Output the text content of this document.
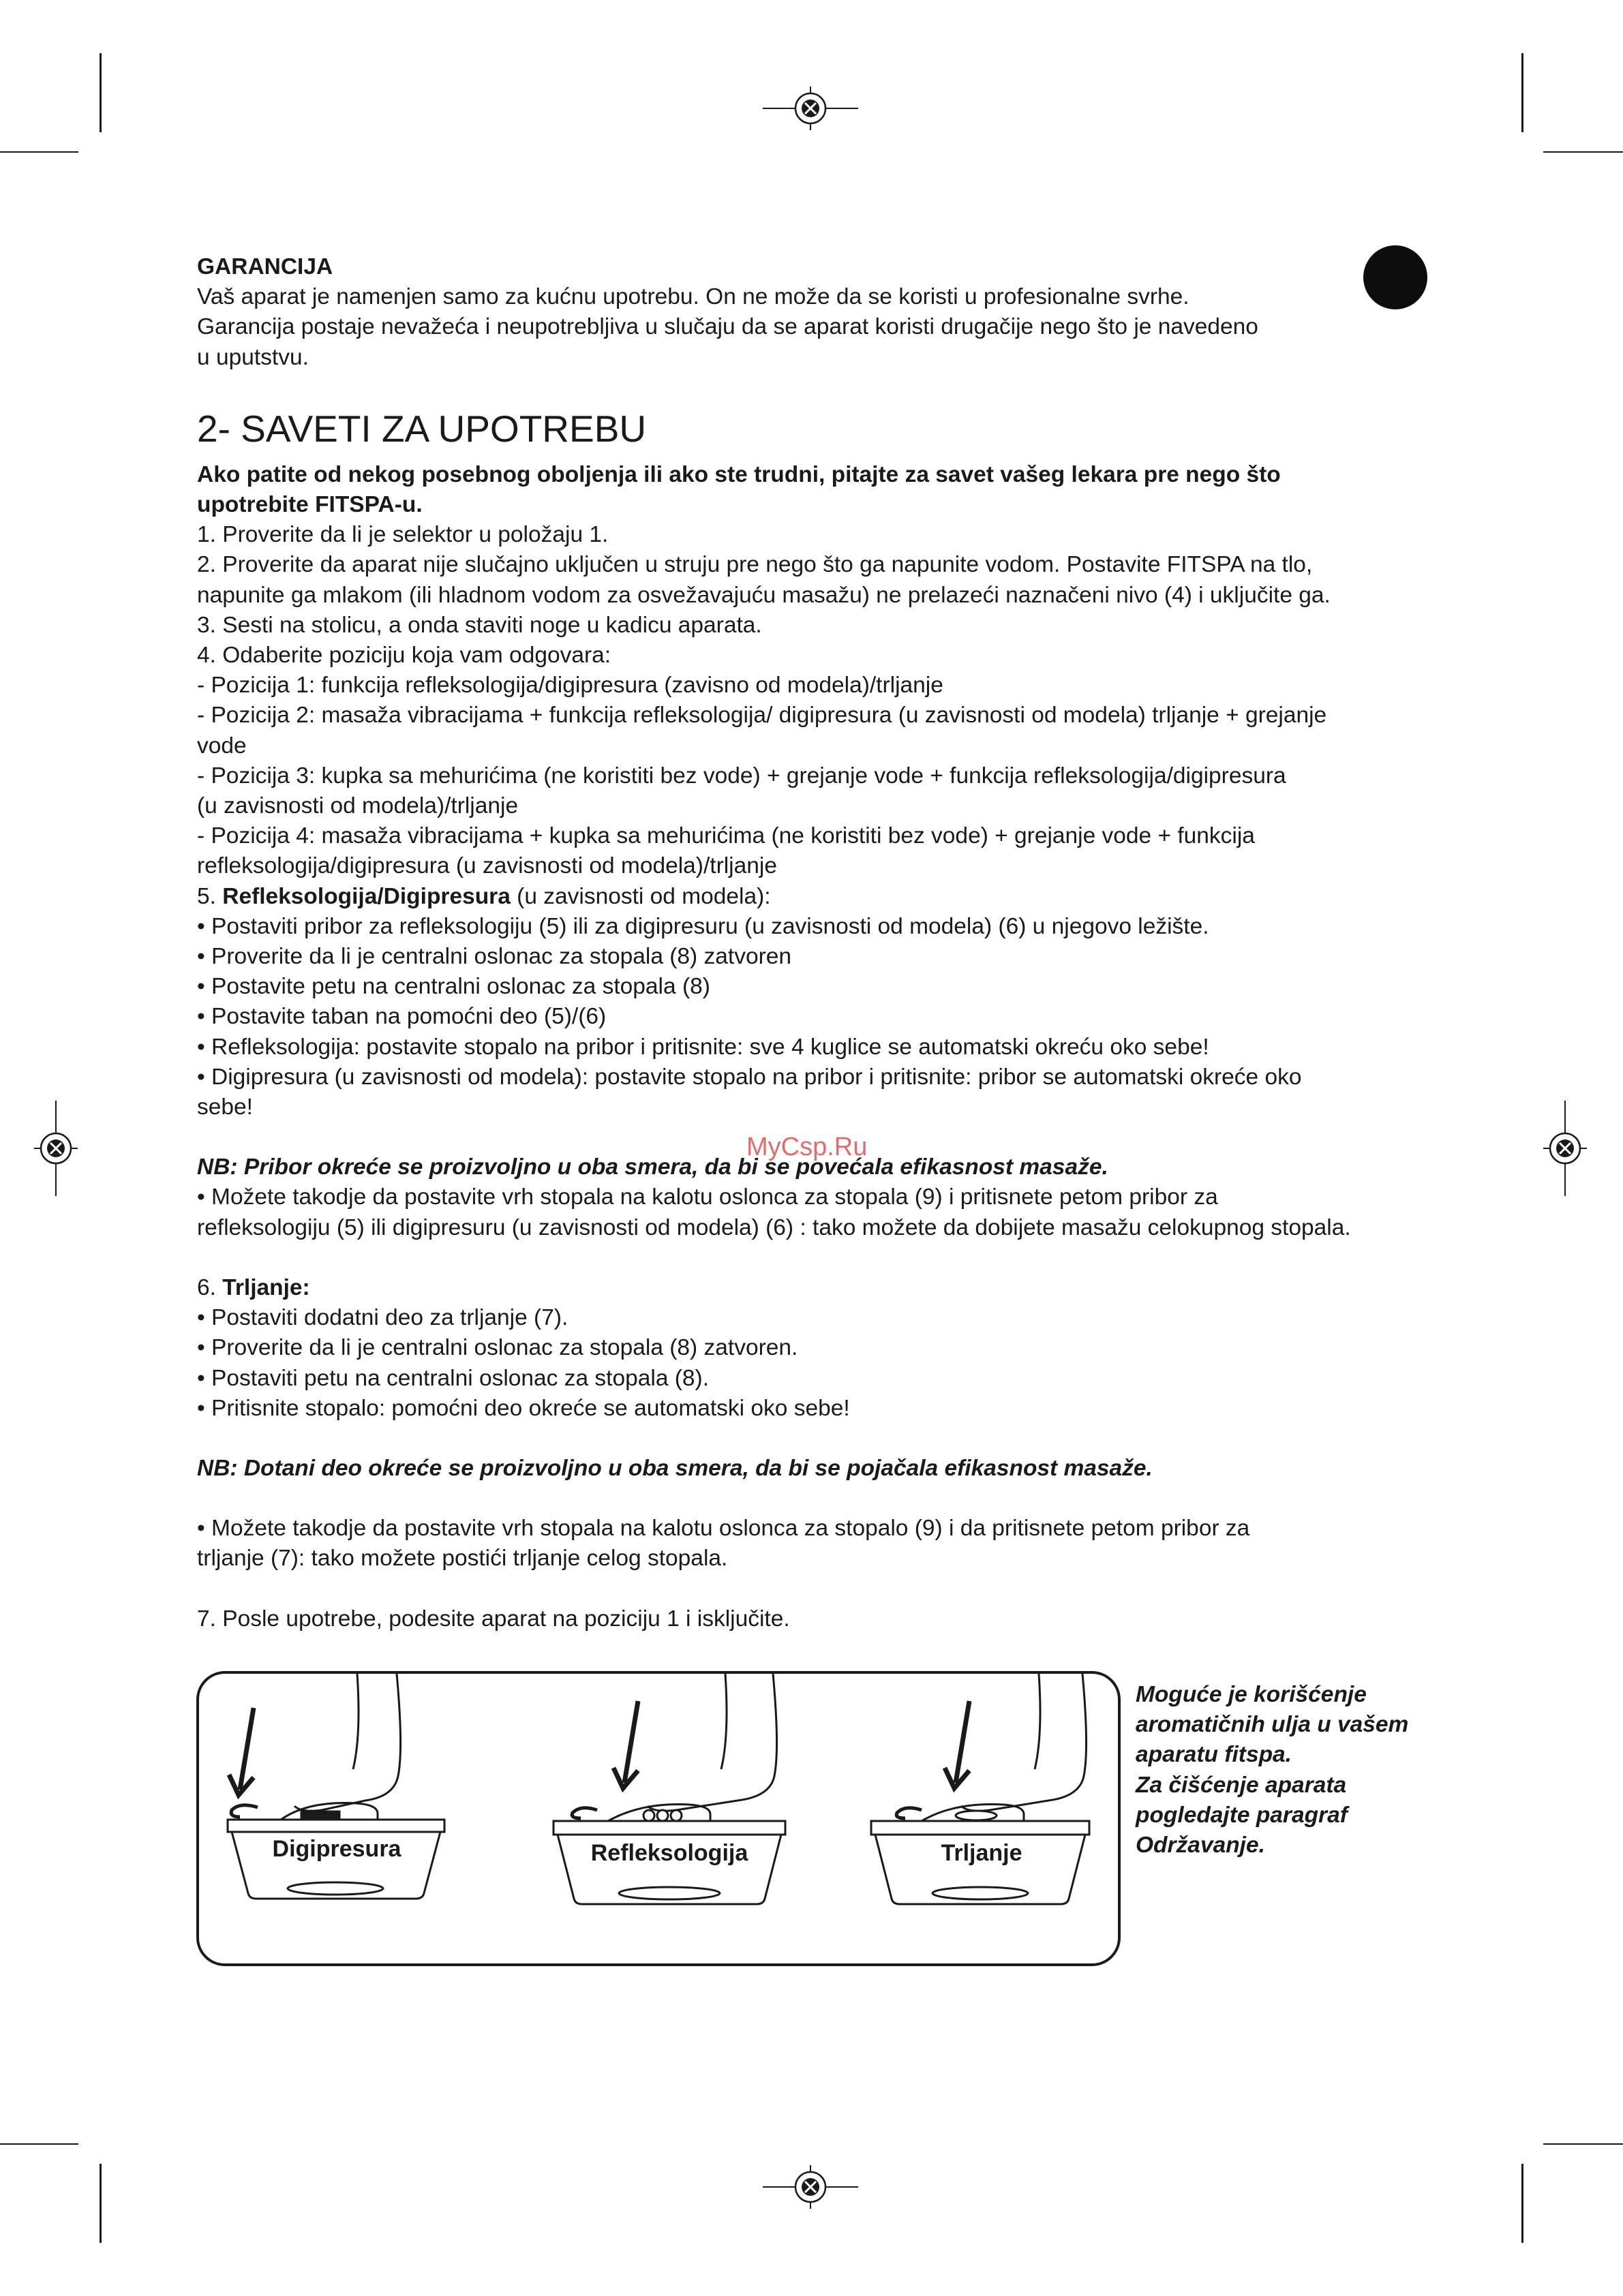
GARANCIJA

Vaš aparat je namenjen samo za kućnu upotrebu. On ne može da se koristi u profesionalne svrhe.

Garancija postaje nevažeća i neupotrebljiva u slučaju da se aparat koristi drugačije nego što je navedeno

u uputstvu.

2- SAVETI ZA UPOTREBU

Ako patite od nekog posebnog oboljenja ili ako ste trudni, pitajte za savet vašeg lekara pre nego što

upotrebite FITSPA-u.

1. Proverite da li je selektor u položaju 1.

2. Proverite da aparat nije slučajno uključen u struju pre nego što ga napunite vodom. Postavite FITSPA na tlo,

napunite ga mlakom (ili hladnom vodom za osvežavajuću masažu) ne prelazeći naznačeni nivo (4) i uključite ga.

3. Sesti na stolicu, a onda staviti noge u kadicu aparata.

4. Odaberite poziciju koja vam odgovara:

- Pozicija 1: funkcija refleksologija/digipresura (zavisno od modela)/trljanje

- Pozicija 2: masaža vibracijama + funkcija refleksologija/ digipresura (u zavisnosti od modela) trljanje + grejanje

vode

- Pozicija 3: kupka sa mehurićima (ne koristiti bez vode) + grejanje vode + funkcija refleksologija/digipresura

(u zavisnosti od modela)/trljanje

- Pozicija 4: masaža vibracijama + kupka sa mehurićima (ne koristiti bez vode) + grejanje vode + funkcija

refleksologija/digipresura (u zavisnosti od modela)/trljanje

5. Refleksologija/Digipresura (u zavisnosti od modela):

• Postaviti pribor za refleksologiju (5) ili za digipresuru (u zavisnosti od modela) (6) u njegovo ležište.

• Proverite da li je centralni oslonac za stopala (8) zatvoren

• Postavite petu na centralni oslonac za stopala (8)

• Postavite taban na pomoćni deo (5)/(6)

• Refleksologija: postavite stopalo na pribor i pritisnite: sve 4 kuglice se automatski okreću oko sebe!

• Digipresura (u zavisnosti od modela): postavite stopalo na pribor i pritisnite: pribor se automatski okreće oko

sebe!

NB: Pribor okreće se proizvoljno u oba smera, da bi se povećala efikasnost masaže.

• Možete takodje da postavite vrh stopala na kalotu oslonca za stopala (9) i pritisnete petom pribor za

refleksologiju (5) ili digipresuru (u zavisnosti od modela) (6) : tako možete da dobijete masažu celokupnog stopala.

6. Trljanje:

• Postaviti dodatni deo za trljanje (7).

• Proverite da li je centralni oslonac za stopala (8) zatvoren.

• Postaviti petu na centralni oslonac za stopala (8).

• Pritisnite stopalo: pomoćni deo okreće se automatski oko sebe!

NB: Dotani deo okreće se proizvoljno u oba smera, da bi se pojačala efikasnost masaže.

• Možete takodje da postavite vrh stopala na kalotu oslonca za stopalo (9) i da pritisnete petom pribor za

trljanje (7): tako možete postići trljanje celog stopala.

7. Posle upotrebe, podesite aparat na poziciju 1 i isključite.

MyCsp.Ru
Digipresura	Refleksologija	Trljanje

Moguće je korišćenje

aromatičnih ulja u vašem

aparatu fitspa.

Za čišćenje aparata

pogledajte paragraf

Održavanje.
